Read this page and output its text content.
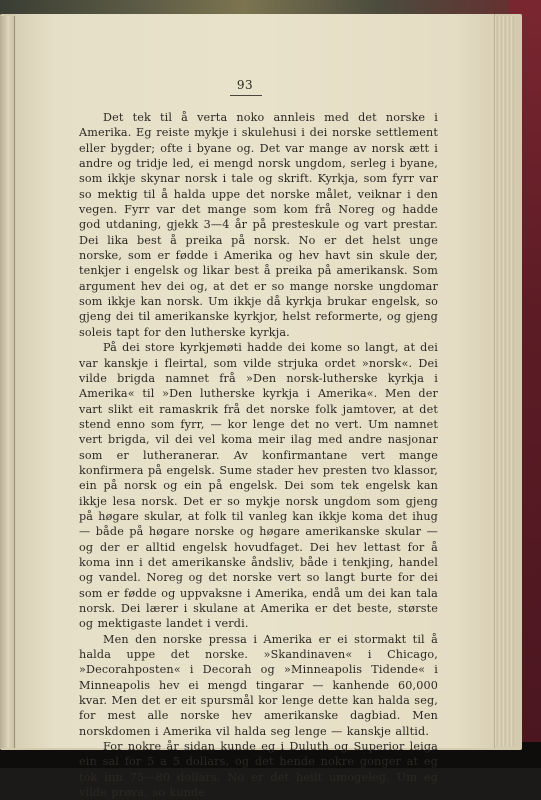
93

Det tek til å verta noko annleis med det norske i Amerika. Eg reiste mykje i skulehusi i dei norske settlement eller bygder; ofte i byane og. Det var mange av norsk ætt i andre og tridje led, ei mengd norsk ungdom, serleg i byane, som ikkje skynar norsk i tale og skrift. Kyrkja, som fyrr var so mektig til å halda uppe det norske målet, veiknar i den vegen. Fyrr var det mange som kom frå Noreg og hadde god utdaning, gjekk 3—4 år på presteskule og vart prestar. Dei lika best å preika på norsk. No er det helst unge norske, som er fødde i Amerika og hev havt sin skule der, tenkjer i engelsk og likar best å preika på amerikansk. Som argument hev dei og, at det er so mange norske ungdomar som ikkje kan norsk. Um ikkje då kyrkja brukar engelsk, so gjeng dei til amerikanske kyrkjor, helst reformerte, og gjeng soleis tapt for den lutherske kyrkja.

På dei store kyrkjemøti hadde dei kome so langt, at dei var kanskje i fleirtal, som vilde strjuka ordet »norsk«. Dei vilde brigda namnet frå »Den norsk-lutherske kyrkja i Amerika« til »Den lutherske kyrkja i Amerika«. Men der vart slikt eit ramaskrik frå det norske folk jamtover, at det stend enno som fyrr, — kor lenge det no vert. Um namnet vert brigda, vil dei vel koma meir ilag med andre nasjonar som er lutheranerar. Av konfirmantane vert mange konfirmera på engelsk. Sume stader hev presten tvo klassor, ein på norsk og ein på engelsk. Dei som tek engelsk kan ikkje lesa norsk. Det er so mykje norsk ungdom som gjeng på høgare skular, at folk til vanleg kan ikkje koma det ihug — både på høgare norske og høgare amerikanske skular — og der er alltid engelsk hovudfaget. Dei hev lettast for å koma inn i det amerikanske åndsliv, både i tenkjing, handel og vandel. Noreg og det norske vert so langt burte for dei som er fødde og uppvaksne i Amerika, endå um dei kan tala norsk. Dei lærer i skulane at Amerika er det beste, største og mektigaste landet i verdi.

Men den norske pressa i Amerika er ei stormakt til å halda uppe det norske. »Skandinaven« i Chicago, »Decorahposten« i Decorah og »Minneapolis Tidende« i Minneapolis hev ei mengd tingarar — kanhende 60,000 kvar. Men det er eit spursmål kor lenge dette kan halda seg, for mest alle norske hev amerikanske dagbiad. Men norskdomen i Amerika vil halda seg lenge — kanskje alltid.

For nokre år sidan kunde eg i Duluth og Superior leiga ein sal for 5 a 5 dollars, og det hende nokre gonger at eg tok inn 75—80 dollars. No er det heilt umogeleg. Um eg vilde prøva, so kunde
